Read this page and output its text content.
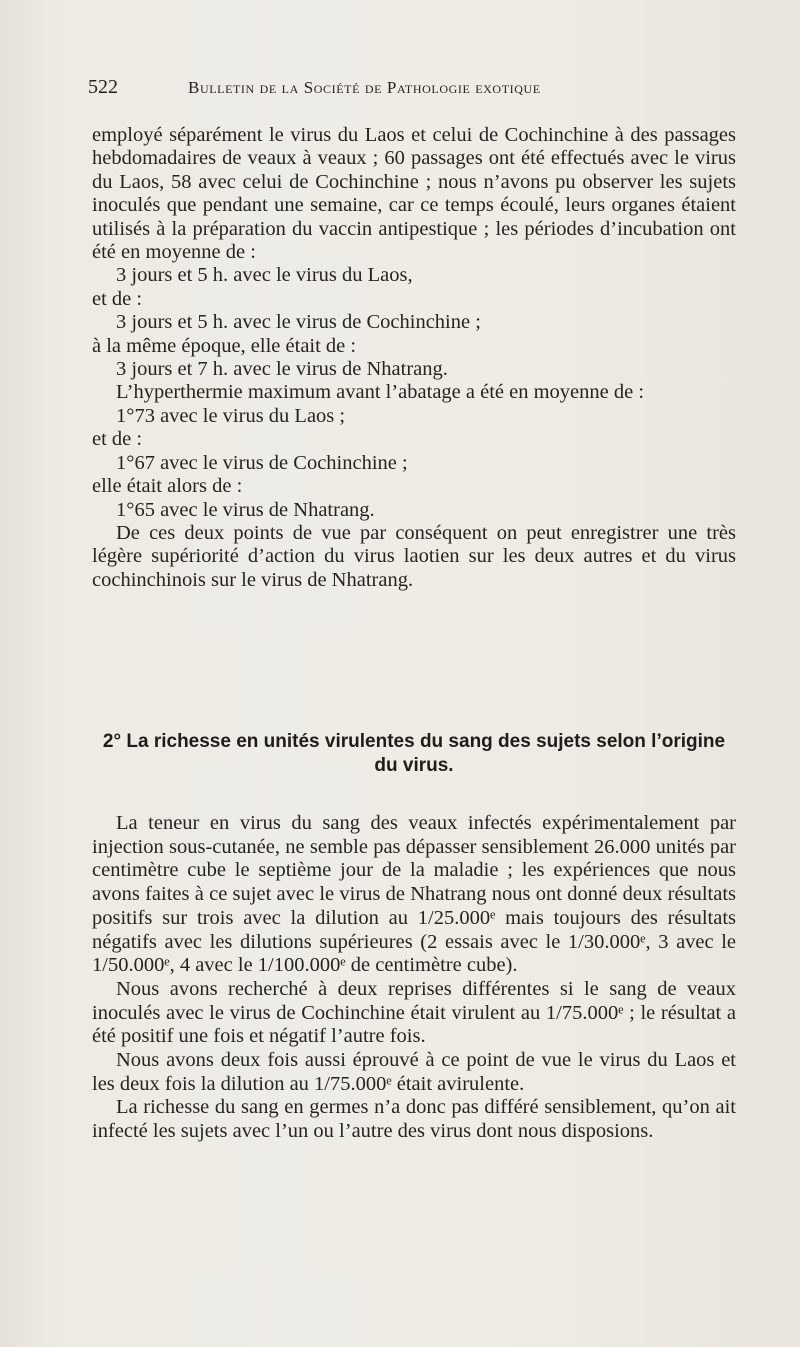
522	Bulletin de la Société de Pathologie exotique

employé séparément le virus du Laos et celui de Cochinchine à des passages hebdomadaires de veaux à veaux ; 60 passages ont été effectués avec le virus du Laos, 58 avec celui de Cochinchine ; nous n’avons pu observer les sujets inoculés que pendant une semaine, car ce temps écoulé, leurs organes étaient utilisés à la préparation du vaccin antipestique ; les périodes d’incubation ont été en moyenne de :

3 jours et 5 h. avec le virus du Laos,

et de :

3 jours et 5 h. avec le virus de Cochinchine ;

à la même époque, elle était de :

3 jours et 7 h. avec le virus de Nhatrang.

L’hyperthermie maximum avant l’abatage a été en moyenne de :

1°73 avec le virus du Laos ;

et de :

1°67 avec le virus de Cochinchine ;

elle était alors de :

1°65 avec le virus de Nhatrang.

De ces deux points de vue par conséquent on peut enregistrer une très légère supériorité d’action du virus laotien sur les deux autres et du virus cochinchinois sur le virus de Nhatrang.

2° La richesse en unités virulentes du sang des sujets selon l’origine du virus.

La teneur en virus du sang des veaux infectés expérimentalement par injection sous-cutanée, ne semble pas dépasser sensiblement 26.000 unités par centimètre cube le septième jour de la maladie ; les expériences que nous avons faites à ce sujet avec le virus de Nhatrang nous ont donné deux résultats positifs sur trois avec la dilution au 1/25.000ᵉ mais toujours des résultats négatifs avec les dilutions supérieures (2 essais avec le 1/30.000ᵉ, 3 avec le 1/50.000ᵉ, 4 avec le 1/100.000ᵉ de centimètre cube).

Nous avons recherché à deux reprises différentes si le sang de veaux inoculés avec le virus de Cochinchine était virulent au 1/75.000ᵉ ; le résultat a été positif une fois et négatif l’autre fois.

Nous avons deux fois aussi éprouvé à ce point de vue le virus du Laos et les deux fois la dilution au 1/75.000ᵉ était avirulente.

La richesse du sang en germes n’a donc pas différé sensiblement, qu’on ait infecté les sujets avec l’un ou l’autre des virus dont nous disposions.
